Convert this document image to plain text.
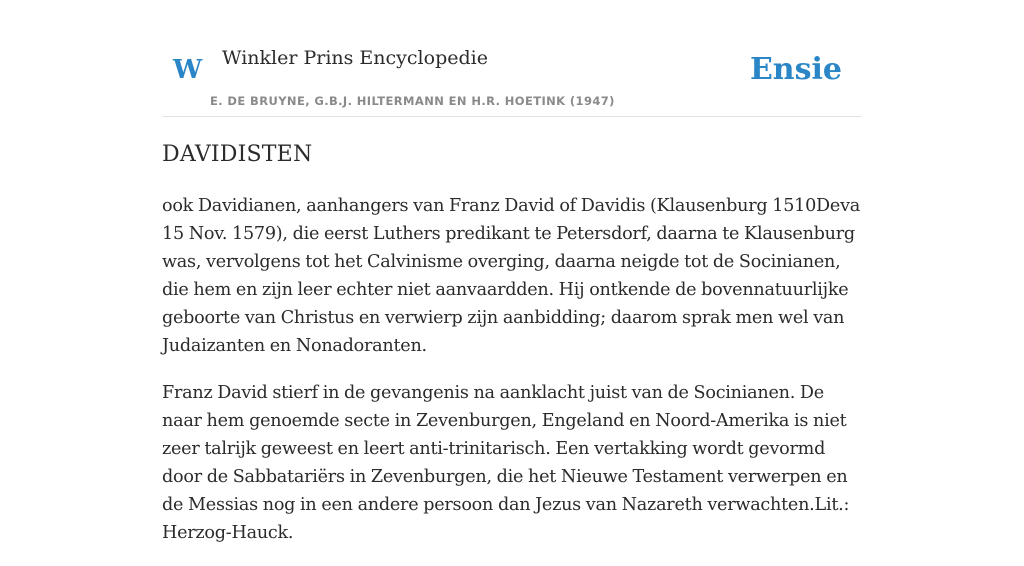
W Winkler Prins Encyclopedie
E. DE BRUYNE, G.B.J. HILTERMANN EN H.R. HOETINK (1947)
Ensie
DAVIDISTEN

ook Davidianen, aanhangers van Franz David of Davidis (Klausenburg 1510Deva 15 Nov. 1579), die eerst Luthers predikant te Petersdorf, daarna te Klausenburg was, vervolgens tot het Calvinisme overging, daarna neigde tot de Socinianen, die hem en zijn leer echter niet aanvaardden. Hij ontkende de bovennatuurlijke geboorte van Christus en verwierp zijn aanbidding; daarom sprak men wel van Judaizanten en Nonadoranten.

Franz David stierf in de gevangenis na aanklacht juist van de Socinianen. De naar hem genoemde secte in Zevenburgen, Engeland en Noord-Amerika is niet zeer talrijk geweest en leert anti-trinitarisch. Een vertakking wordt gevormd door de Sabbatariërs in Zevenburgen, die het Nieuwe Testament verwerpen en de Messias nog in een andere persoon dan Jezus van Nazareth verwachten.Lit.: Herzog-Hauck.
